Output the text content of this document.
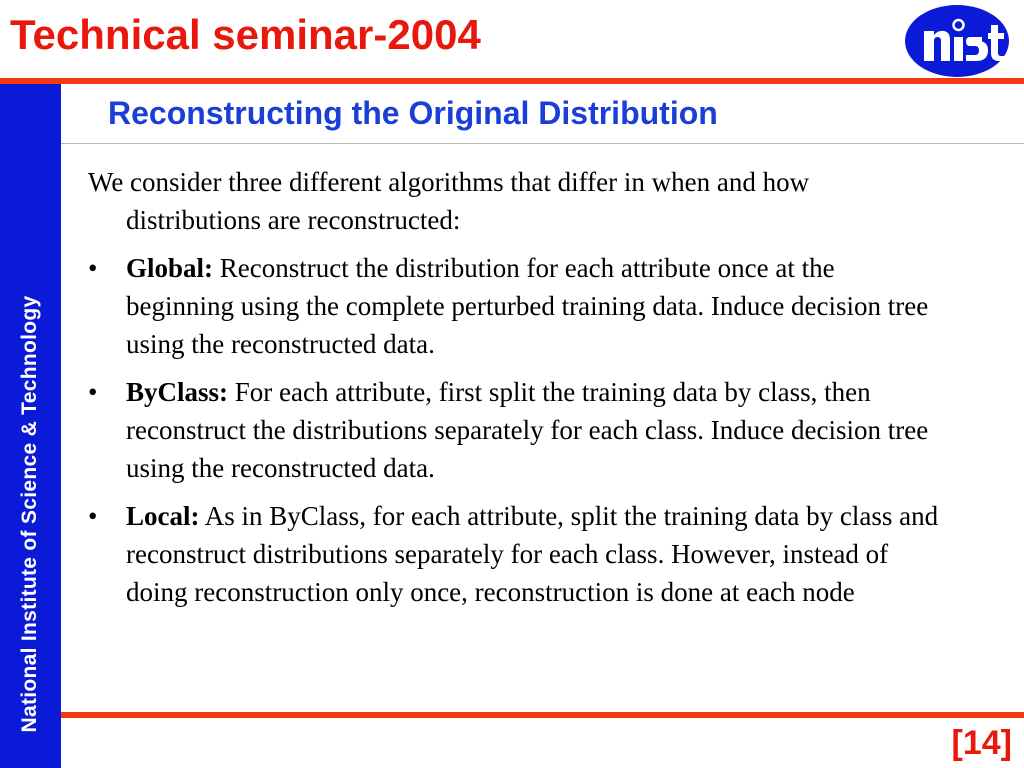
Technical seminar-2004
National Institute of Science & Technology
Reconstructing the Original Distribution

We consider three different algorithms that differ in when and how distributions are reconstructed:

• Global: Reconstruct the distribution for each attribute once at the beginning using the complete perturbed training data. Induce decision tree using the reconstructed data.
• ByClass: For each attribute, first split the training data by class, then reconstruct the distributions separately for each class. Induce decision tree using the reconstructed data.
• Local: As in ByClass, for each attribute, split the training data by class and reconstruct distributions separately for each class. However, instead of doing reconstruction only once, reconstruction is done at each node
[14]
